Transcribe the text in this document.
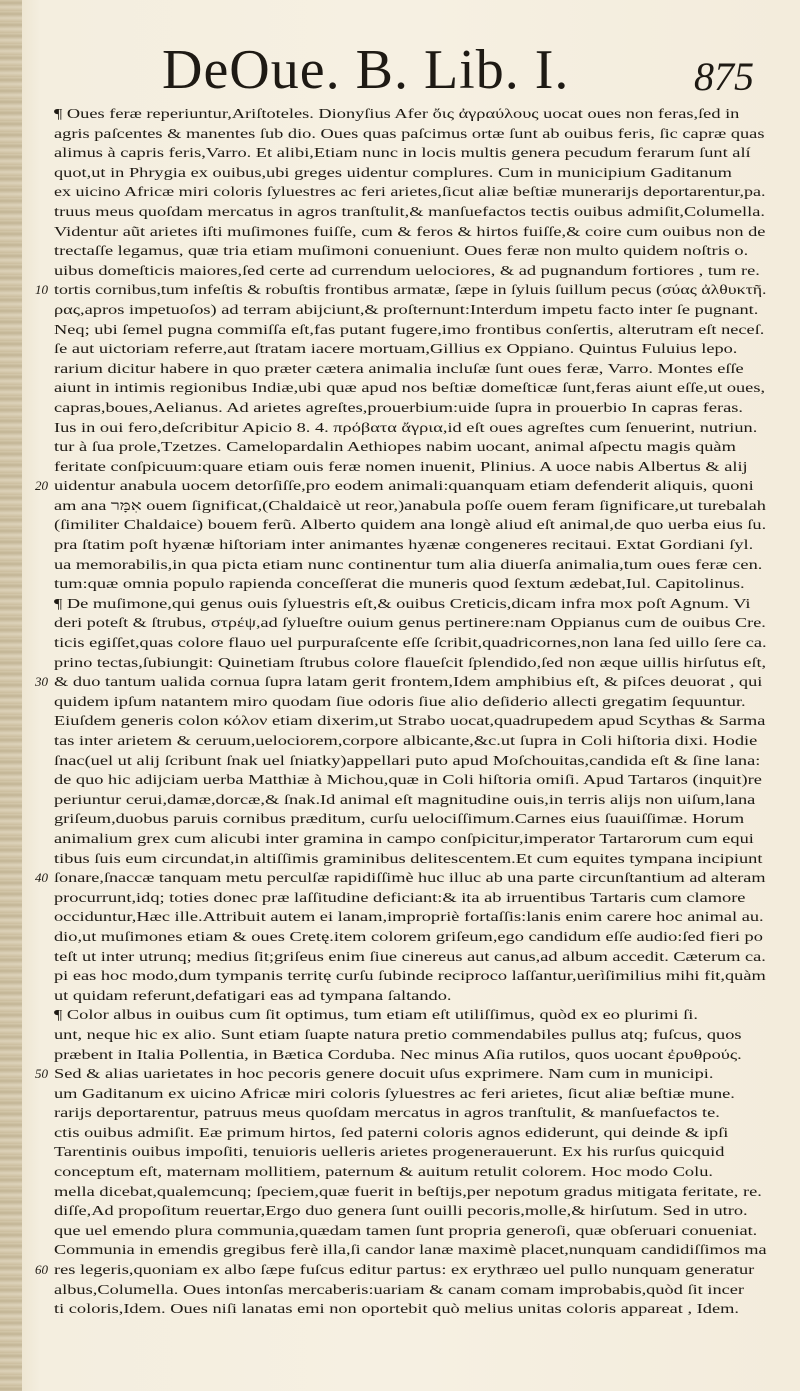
DeOue. B. Lib. I.	875
¶ Oues feræ reperiuntur,Ariſtoteles. Dionyſius Afer ὄις ἀγραύλους uocat oues non feras,ſed in
agris paſcentes & manentes ſub dio. Oues quas paſcimus ortæ ſunt ab ouibus feris, ſic capræ quas
alimus à capris feris,Varro. Et alibi,Etiam nunc in locis multis genera pecudum ferarum ſunt alí
quot,ut in Phrygia ex ouibus,ubi greges uidentur complures. Cum in municipium Gaditanum
ex uicino Africæ miri coloris ſyluestres ac feri arietes,ſicut aliæ beſtiæ munerarijs deportarentur,pa.
truus meus quoſdam mercatus in agros tranſtulit,& manſuefactos tectis ouibus admiſit,Columella.
Videntur aũt arietes iſti muſimones fuiſſe, cum & feros & hirtos fuiſſe,& coire cum ouibus non de
trectaſſe legamus, quæ tria etiam muſimoni conueniunt. Oues feræ non multo quidem noſtris o.
uibus domeſticis maiores,ſed certe ad currendum uelociores, & ad pugnandum fortiores , tum re.
10 tortis cornibus,tum infeſtis & robuſtis frontibus armatæ, ſæpe in ſyluis ſuillum pecus (σύας ἀλθυκτῆ.
ρας,apros impetuoſos) ad terram abijciunt,& proſternunt:Interdum impetu facto inter ſe pugnant.
Neq; ubi ſemel pugna commiſſa eſt,fas putant fugere,imo frontibus conſertis, alterutram eſt neceſ.
ſe aut uictoriam referre,aut ſtratam iacere mortuam,Gillius ex Oppiano. Quintus Fuluius lepo.
rarium dicitur habere in quo præter cætera animalia incluſæ ſunt oues feræ, Varro. Montes eſſe
aiunt in intimis regionibus Indiæ,ubi quæ apud nos beſtiæ domeſticæ ſunt,feras aiunt eſſe,ut oues,
capras,boues,Aelianus. Ad arietes agreſtes,prouerbium:uide ſupra in prouerbio In capras feras.
Ius in oui fero,deſcribitur Apicio 8. 4. πρόβατα ἄγρια,id eſt oues agreſtes cum ſenuerint, nutriun.
tur à ſua prole,Tzetzes. Camelopardalin Aethiopes nabim uocant, animal aſpectu magis quàm
feritate conſpicuum:quare etiam ouis feræ nomen inuenit, Plinius. A uoce nabis Albertus & alij
20 uidentur anabula uocem detorſiſſe,pro eodem animali:quanquam etiam defenderit aliquis, quoni
am ana אִמָּר ouem ſignificat,(Chaldaicè ut reor,)anabula poſſe ouem feram ſignificare,ut turebalah
(ſimiliter Chaldaice) bouem ferũ. Alberto quidem ana longè aliud eſt animal,de quo uerba eius ſu.
pra ſtatim poſt hyænæ hiſtoriam inter animantes hyænæ congeneres recitaui. Extat Gordiani ſyl.
ua memorabilis,in qua picta etiam nunc continentur tum alia diuerſa animalia,tum oues feræ cen.
tum:quæ omnia populo rapienda conceſſerat die muneris quod ſextum ædebat,Iul. Capitolinus.
¶ De muſimone,qui genus ouis ſyluestris eſt,& ouibus Creticis,dicam infra mox poſt Agnum. Vi
deri poteſt & ſtrubus, στρέψ,ad ſylueſtre ouium genus pertinere:nam Oppianus cum de ouibus Cre.
ticis egiſſet,quas colore flauo uel purpuraſcente eſſe ſcribit,quadricornes,non lana ſed uillo ſere ca.
prino tectas,ſubiungit: Quinetiam ſtrubus colore flaueſcit ſplendido,ſed non æque uillis hirſutus eſt,
30 & duo tantum ualida cornua ſupra latam gerit frontem,Idem amphibius eſt, & piſces deuorat , qui
quidem ipſum natantem miro quodam ſiue odoris ſiue alio deſiderio allecti gregatim ſequuntur.
Eiuſdem generis colon κόλον etiam dixerim,ut Strabo uocat,quadrupedem apud Scythas & Sarma
tas inter arietem & ceruum,uelociorem,corpore albicante,&c.ut ſupra in Coli hiſtoria dixi. Hodie
ſnac(uel ut alij ſcribunt ſnak uel ſniatky)appellari puto apud Moſchouitas,candida eſt & ſine lana:
de quo hic adijciam uerba Matthiæ à Michou,quæ in Coli hiſtoria omiſi. Apud Tartaros (inquit)re
periuntur cerui,damæ,dorcæ,& ſnak.Id animal eſt magnitudine ouis,in terris alijs non uiſum,lana
griſeum,duobus paruis cornibus præditum, curſu uelociſſimum.Carnes eius ſuauiſſimæ. Horum
animalium grex cum alicubi inter gramina in campo conſpicitur,imperator Tartarorum cum equi
tibus ſuis eum circundat,in altiſſimis graminibus delitescentem.Et cum equites tympana incipiunt
40 ſonare,ſnaccæ tanquam metu perculſæ rapidiſſimè huc illuc ab una parte circunſtantium ad alteram
procurrunt,idq; toties donec præ laſſitudine deficiant:& ita ab irruentibus Tartaris cum clamore
occiduntur,Hæc ille.Attribuit autem ei lanam,impropriè fortaſſis:lanis enim carere hoc animal au.
dio,ut muſimones etiam & oues Cretę.item colorem griſeum,ego candidum eſſe audio:ſed fieri po
teſt ut inter utrunq; medius ſit;griſeus enim ſiue cinereus aut canus,ad album accedit. Cæterum ca.
pi eas hoc modo,dum tympanis territę curſu ſubinde reciproco laſſantur,uerìſimilius mihi fit,quàm
ut quidam referunt,defatigari eas ad tympana ſaltando.
¶ Color albus in ouibus cum ſit optimus, tum etiam eſt utiliſſimus, quòd ex eo plurimi ſi.
unt, neque hic ex alio. Sunt etiam ſuapte natura pretio commendabiles pullus atq; fuſcus, quos
præbent in Italia Pollentia, in Bætica Corduba. Nec minus Aſia rutilos, quos uocant ἐρυθρούς.
50 Sed & alias uarietates in hoc pecoris genere docuit uſus exprimere. Nam cum in municipi.
um Gaditanum ex uicino Africæ miri coloris ſyluestres ac feri arietes, ſicut aliæ beſtiæ mune.
rarijs deportarentur, patruus meus quoſdam mercatus in agros tranſtulit, & manſuefactos te.
ctis ouibus admiſit. Eæ primum hirtos, ſed paterni coloris agnos ediderunt, qui deinde & ipſi
Tarentinis ouibus impoſiti, tenuioris uelleris arietes progenerauerunt. Ex his rurſus quicquid
conceptum eſt, maternam mollitiem, paternum & auitum retulit colorem. Hoc modo Colu.
mella dicebat,qualemcunq; ſpeciem,quæ fuerit in beſtijs,per nepotum gradus mitigata feritate, re.
diſſe,Ad propoſitum reuertar,Ergo duo genera ſunt ouilli pecoris,molle,& hirſutum. Sed in utro.
que uel emendo plura communia,quædam tamen ſunt propria generoſi, quæ obſeruari conueniat.
Communia in emendis gregibus ferè illa,ſi candor lanæ maximè placet,nunquam candidiſſimos ma
60 res legeris,quoniam ex albo ſæpe fuſcus editur partus: ex erythræo uel pullo nunquam generatur
albus,Columella. Oues intonſas mercaberis:uariam & canam comam improbabis,quòd ſit incer
ti coloris,Idem. Oues niſi lanatas emi non oportebit quò melius unitas coloris appareat , Idem.
